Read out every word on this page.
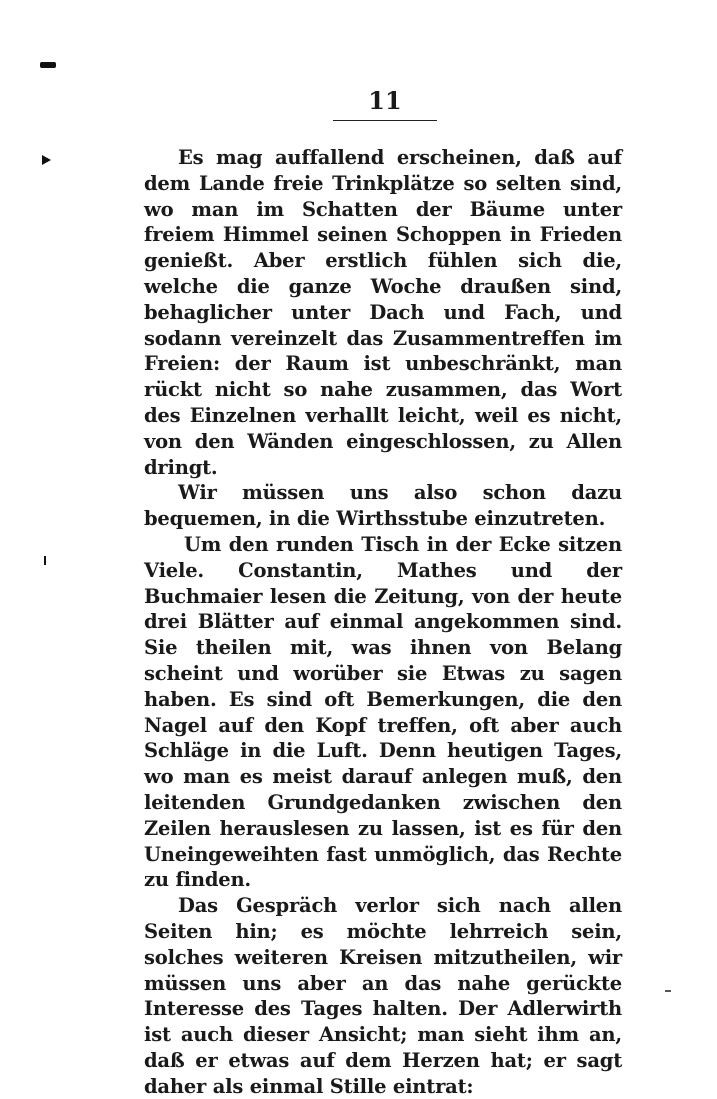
11

Es mag auffallend erscheinen, daß auf dem Lande freie Trinkplätze so selten sind, wo man im Schatten der Bäume unter freiem Himmel seinen Schoppen in Frieden genießt. Aber erstlich fühlen sich die, welche die ganze Woche draußen sind, behaglicher unter Dach und Fach, und sodann vereinzelt das Zusammentreffen im Freien: der Raum ist unbeschränkt, man rückt nicht so nahe zusammen, das Wort des Einzelnen verhallt leicht, weil es nicht, von den Wänden eingeschlossen, zu Allen dringt.

Wir müssen uns also schon dazu bequemen, in die Wirthsstube einzutreten.

Um den runden Tisch in der Ecke sitzen Viele. Constantin, Mathes und der Buchmaier lesen die Zeitung, von der heute drei Blätter auf einmal angekommen sind. Sie theilen mit, was ihnen von Belang scheint und worüber sie Etwas zu sagen haben. Es sind oft Bemerkungen, die den Nagel auf den Kopf treffen, oft aber auch Schläge in die Luft. Denn heutigen Tages, wo man es meist darauf anlegen muß, den leitenden Grundgedanken zwischen den Zeilen herauslesen zu lassen, ist es für den Uneingeweihten fast unmöglich, das Rechte zu finden.

Das Gespräch verlor sich nach allen Seiten hin; es möchte lehrreich sein, solches weiteren Kreisen mitzutheilen, wir müssen uns aber an das nahe gerückte Interesse des Tages halten. Der Adlerwirth ist auch dieser Ansicht; man sieht ihm an, daß er etwas auf dem Herzen hat; er sagt daher als einmal Stille eintrat:
